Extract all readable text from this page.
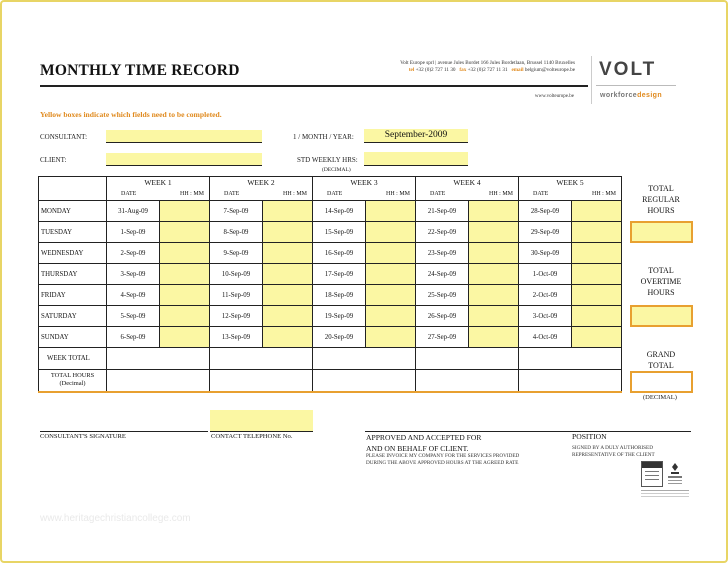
MONTHLY TIME RECORD	Volt Europe sprl | avenue Jules Bordet 166 Jules Bordetlaan, Brussel 1140 Bruxelles
tel +32 (0)2 727 11 30 fax +32 (0)2 727 11 31 email belgium@volteurope.be
www.volteurope.be
VOLT
workforcedesign
Yellow boxes indicate which fields need to be completed.
CONSULTANT:
CLIENT:
1 / MONTH / YEAR:	September-2009
STD WEEKLY HRS:
(DECIMAL)
	WEEK 1		WEEK 2		WEEK 3		WEEK 4		WEEK 5	
	DATE	HH : MM	DATE	HH : MM	DATE	HH : MM	DATE	HH : MM	DATE	HH : MM
MONDAY	31-Aug-09		7-Sep-09		14-Sep-09		21-Sep-09		28-Sep-09	
TUESDAY	1-Sep-09		8-Sep-09		15-Sep-09		22-Sep-09		29-Sep-09	
WEDNESDAY	2-Sep-09		9-Sep-09		16-Sep-09		23-Sep-09		30-Sep-09	
THURSDAY	3-Sep-09		10-Sep-09		17-Sep-09		24-Sep-09		1-Oct-09	
FRIDAY	4-Sep-09		11-Sep-09		18-Sep-09		25-Sep-09		2-Oct-09	
SATURDAY	5-Sep-09		12-Sep-09		19-Sep-09		26-Sep-09		3-Oct-09	
SUNDAY	6-Sep-09		13-Sep-09		20-Sep-09		27-Sep-09		4-Oct-09	
WEEK TOTAL										

TOTAL HOURS
(Decimal)										

TOTAL
REGULAR
HOURS
TOTAL
OVERTIME
HOURS
GRAND
TOTAL
(DECIMAL)
CONSULTANT'S SIGNATURE	CONTACT TELEPHONE No.	APPROVED AND ACCEPTED FOR
AND ON BEHALF OF CLIENT.
PLEASE INVOICE MY COMPANY FOR THE SERVICES PROVIDED
DURING THE ABOVE APPROVED HOURS AT THE AGREED RATE
POSITION
SIGNED BY A DULY AUTHORISED
REPRESENTATIVE OF THE CLIENT
www.heritagechristiancollege.com
